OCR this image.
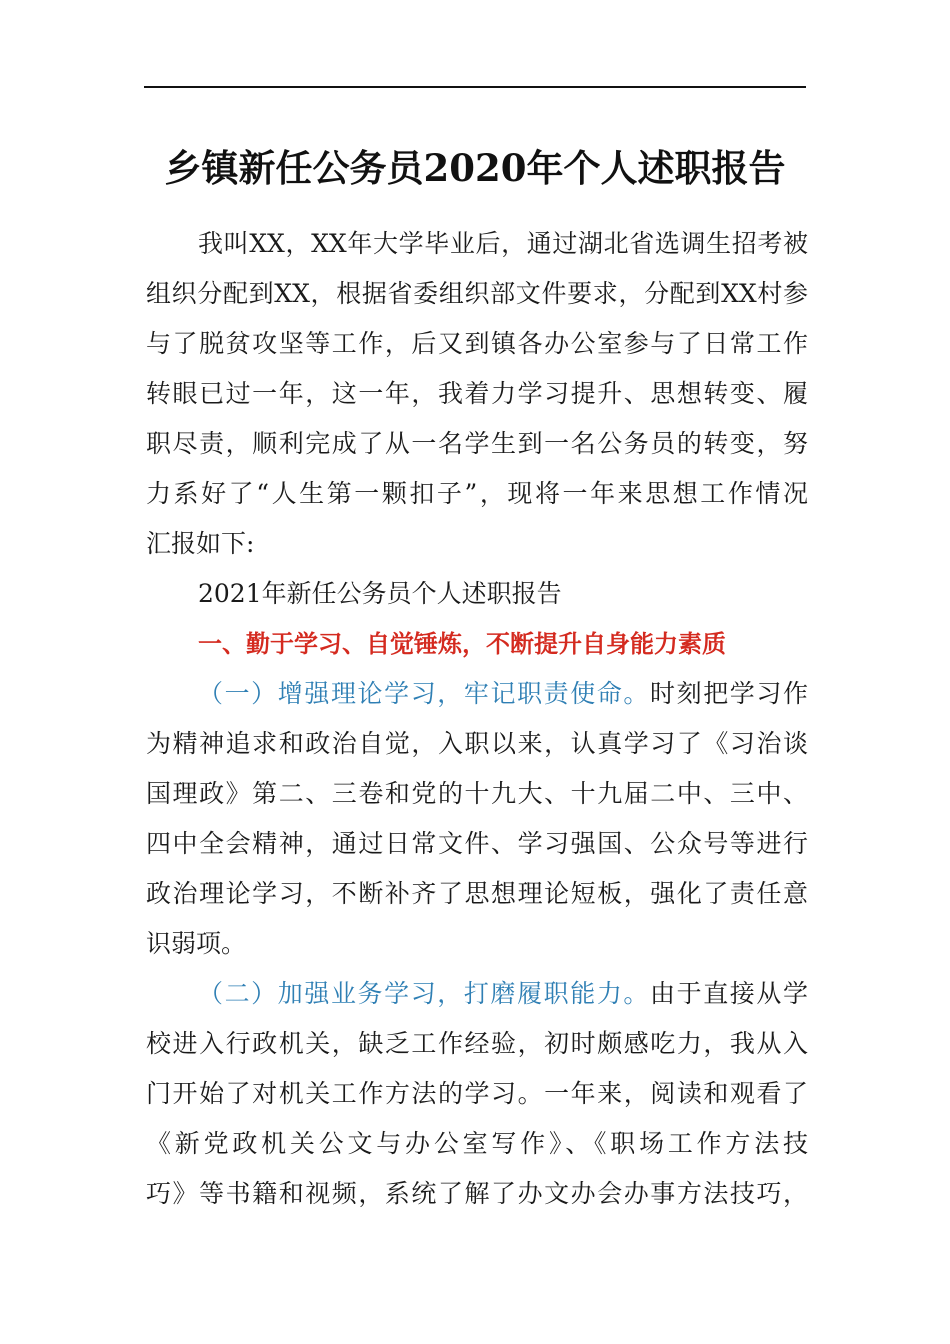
乡镇新任公务员2020年个人述职报告
我叫XX，XX年大学毕业后，通过湖北省选调生招考被
组织分配到XX，根据省委组织部文件要求，分配到XX村参
与了脱贫攻坚等工作，后又到镇各办公室参与了日常工作
转眼已过一年，这一年，我着力学习提升、思想转变、履
职尽责，顺利完成了从一名学生到一名公务员的转变，努
力系好了“人生第一颗扣子”，现将一年来思想工作情况
汇报如下:
2021年新任公务员个人述职报告
一、勤于学习、自觉锤炼，不断提升自身能力素质
（一）增强理论学习，牢记职责使命。时刻把学习作
为精神追求和政治自觉，入职以来，认真学习了《习治谈
国理政》第二、三卷和党的十九大、十九届二中、三中、
四中全会精神，通过日常文件、学习强国、公众号等进行
政治理论学习，不断补齐了思想理论短板，强化了责任意
识弱项。
（二）加强业务学习，打磨履职能力。由于直接从学
校进入行政机关，缺乏工作经验，初时颇感吃力，我从入
门开始了对机关工作方法的学习。一年来，阅读和观看了
《新党政机关公文与办公室写作》、《职场工作方法技
巧》等书籍和视频，系统了解了办文办会办事方法技巧，
